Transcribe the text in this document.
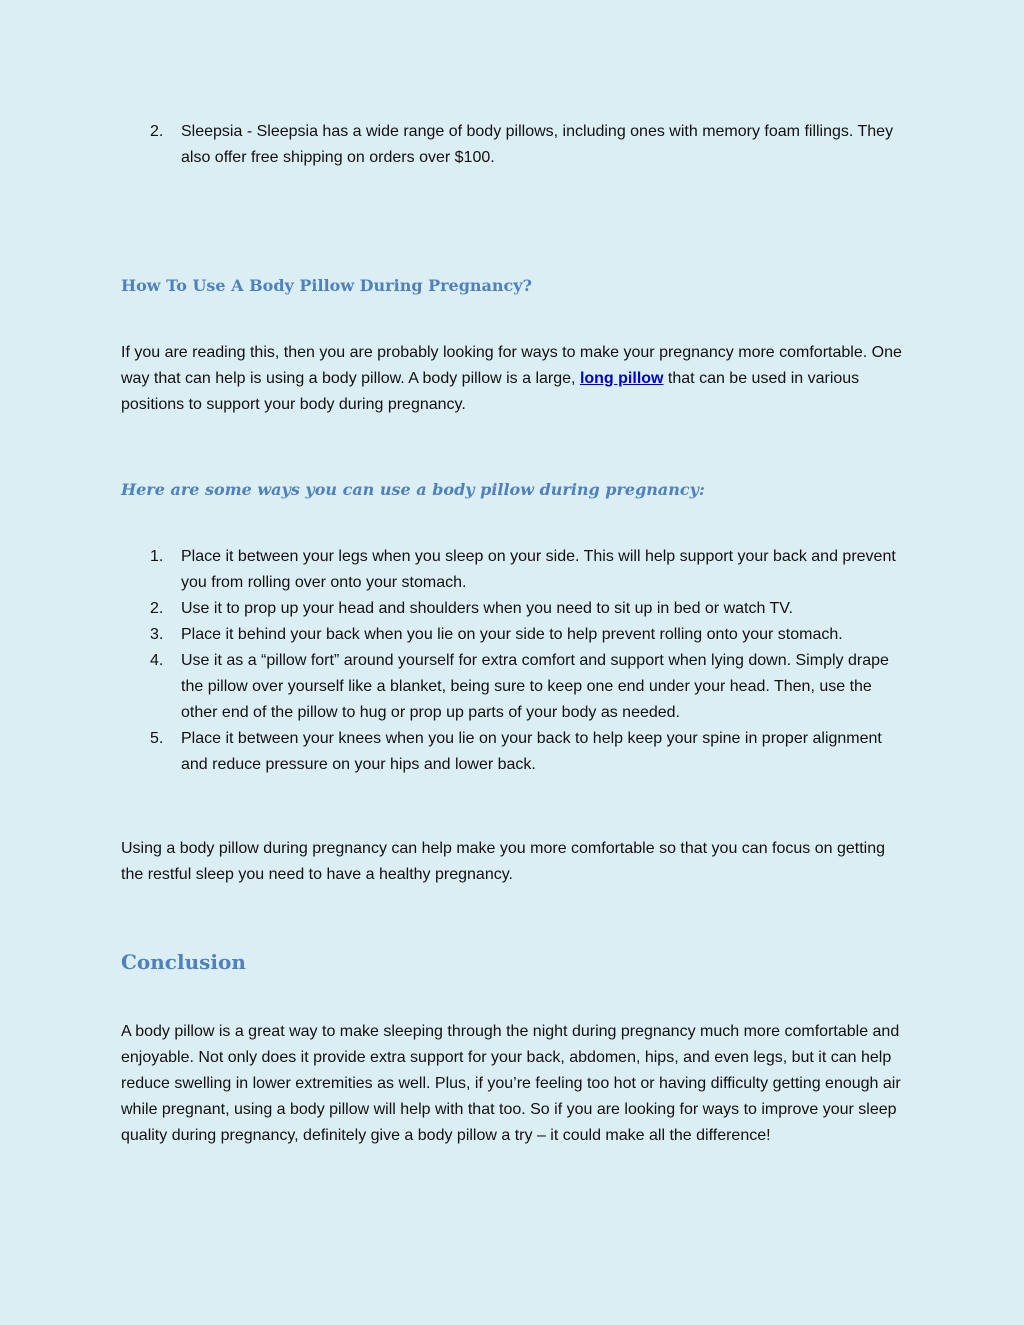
2. Sleepsia - Sleepsia has a wide range of body pillows, including ones with memory foam fillings. They also offer free shipping on orders over $100.
How To Use A Body Pillow During Pregnancy?

If you are reading this, then you are probably looking for ways to make your pregnancy more comfortable. One way that can help is using a body pillow. A body pillow is a large, long pillow that can be used in various positions to support your body during pregnancy.

Here are some ways you can use a body pillow during pregnancy:
1. Place it between your legs when you sleep on your side. This will help support your back and prevent you from rolling over onto your stomach.
2. Use it to prop up your head and shoulders when you need to sit up in bed or watch TV.
3. Place it behind your back when you lie on your side to help prevent rolling onto your stomach.
4. Use it as a “pillow fort” around yourself for extra comfort and support when lying down. Simply drape the pillow over yourself like a blanket, being sure to keep one end under your head. Then, use the other end of the pillow to hug or prop up parts of your body as needed.
5. Place it between your knees when you lie on your back to help keep your spine in proper alignment and reduce pressure on your hips and lower back.

Using a body pillow during pregnancy can help make you more comfortable so that you can focus on getting the restful sleep you need to have a healthy pregnancy.

Conclusion

A body pillow is a great way to make sleeping through the night during pregnancy much more comfortable and enjoyable. Not only does it provide extra support for your back, abdomen, hips, and even legs, but it can help reduce swelling in lower extremities as well. Plus, if you’re feeling too hot or having difficulty getting enough air while pregnant, using a body pillow will help with that too. So if you are looking for ways to improve your sleep quality during pregnancy, definitely give a body pillow a try – it could make all the difference!
